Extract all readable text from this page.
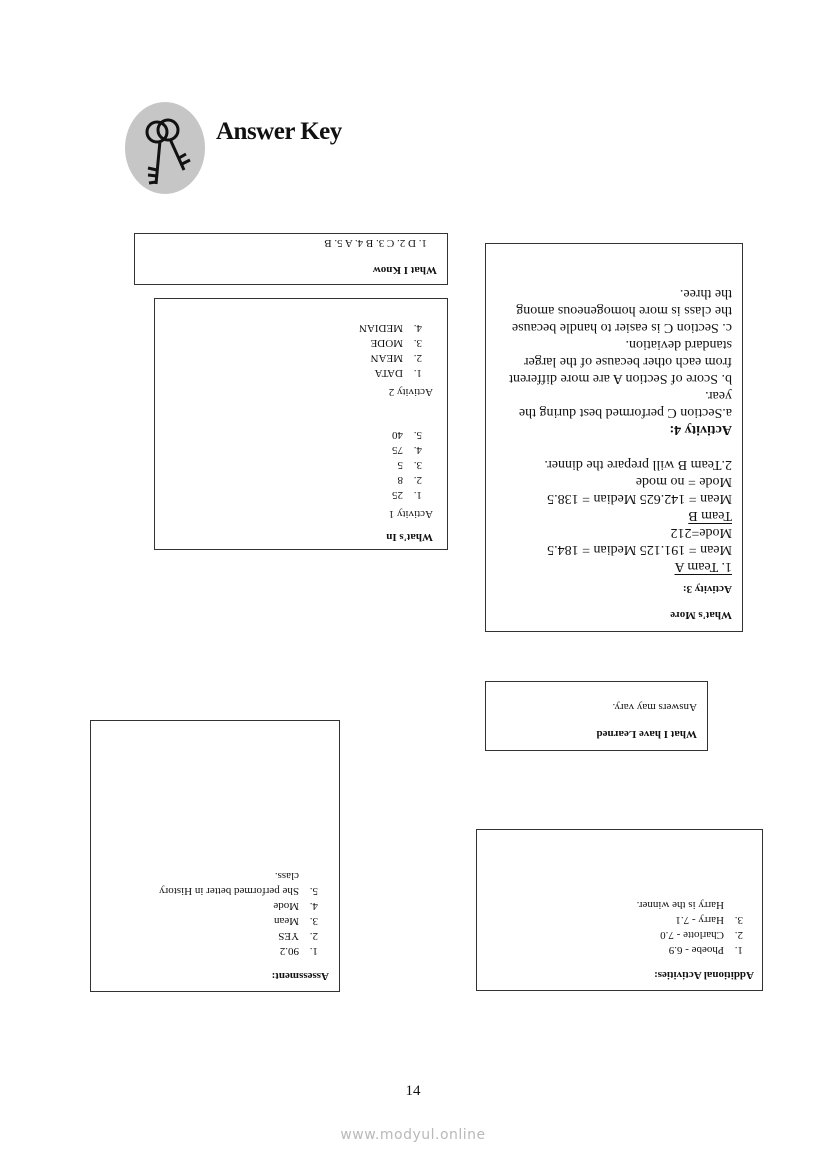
Answer Key
What I Know
1. D 2. C 3. B 4. A 5. B
What's In
Activity 1
1. 25
2. 8
3. 5
4. 75
5. 40
Activity 2
1. DATA
2. MEAN
3. MODE
4. MEDIAN
What's More
Activity 3:
1. Team A
Mean = 191.125 Median = 184.5
Mode=212
Team B
Mean = 142.625 Median = 138.5
Mode = no mode
2.Team B will prepare the dinner.
Activity 4:
a.Section C performed best during the year.
b. Score of Section A are more different from each other because of the larger standard deviation.
c. Section C is easier to handle because the class is more homogeneous among the three.
What I have Learned
Answers may vary.
Additional Activities:
1. Phoebe - 6.9
2. Charlotte - 7.0
3. Harry - 7.1
Harry is the winner.
Assessment:
1. 90.2
2. YES
3. Mean
4. Mode
5. She performed better in History class.
14
www.modyul.online
